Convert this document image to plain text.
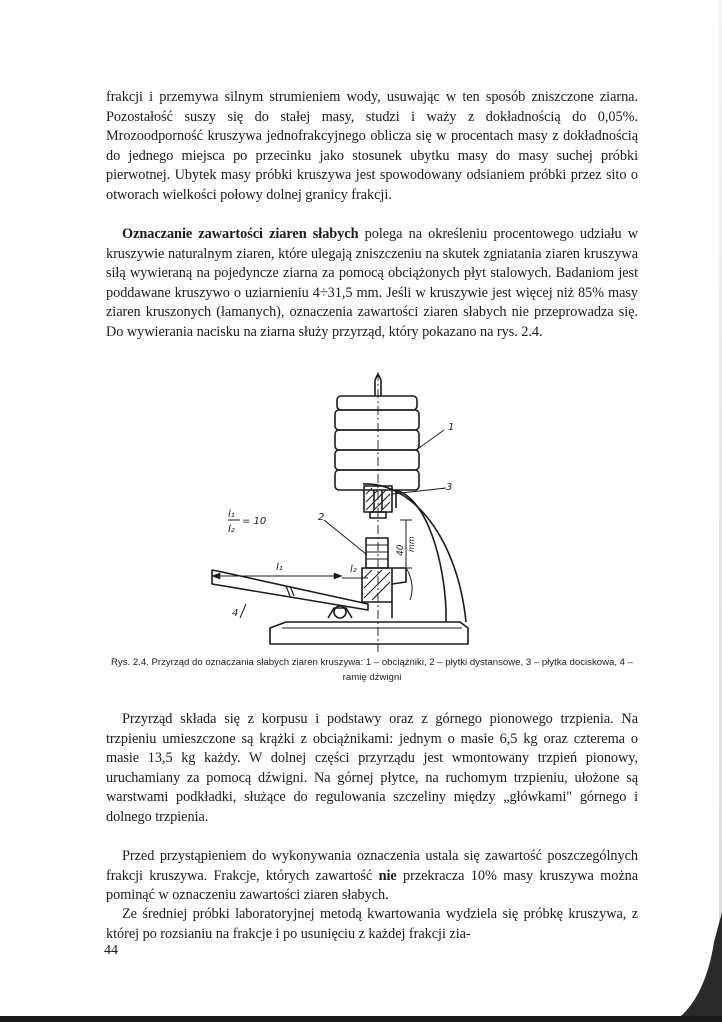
frakcji i przemywa silnym strumieniem wody, usuwając w ten sposób zniszczone ziarna. Pozostałość suszy się do stałej masy, studzi i waży z dokładnością do 0,05%. Mrozoodporność kruszywa jednofrakcyjnego oblicza się w procentach masy z dokładnością do jednego miejsca po przecinku jako stosunek ubytku masy do masy suchej próbki pierwotnej. Ubytek masy próbki kruszywa jest spowodowany odsianiem próbki przez sito o otworach wielkości połowy dolnej granicy frakcji.

Oznaczanie zawartości ziaren słabych polega na określeniu procentowego udziału w kruszywie naturalnym ziaren, które ulegają zniszczeniu na skutek zgniatania ziaren kruszywa siłą wywieraną na pojedyncze ziarna za pomocą obciążonych płyt stalowych. Badaniom jest poddawane kruszywo o uziarnieniu 4÷31,5 mm. Jeśli w kruszywie jest więcej niż 85% masy ziaren kruszonych (łamanych), oznaczenia zawartości ziaren słabych nie przeprowadza się. Do wywierania nacisku na ziarna służy przyrząd, który pokazano na rys. 2.4.

1
2
3
4
l₁	l₂
l₁
l₂
= 10
40 mm

Rys. 2.4. Przyrząd do oznaczania słabych ziaren kruszywa: 1 – obciążniki, 2 – płytki dystansowe, 3 – płytka dociskowa, 4 – ramię dźwigni

Przyrząd składa się z korpusu i podstawy oraz z górnego pionowego trzpienia. Na trzpieniu umieszczone są krążki z obciążnikami: jednym o masie 6,5 kg oraz czterema o masie 13,5 kg każdy. W dolnej części przyrządu jest wmontowany trzpień pionowy, uruchamiany za pomocą dźwigni. Na górnej płytce, na ruchomym trzpieniu, ułożone są warstwami podkładki, służące do regulowania szczeliny między „główkami" górnego i dolnego trzpienia.

Przed przystąpieniem do wykonywania oznaczenia ustala się zawartość poszczególnych frakcji kruszywa. Frakcje, których zawartość nie przekracza 10% masy kruszywa można pominąć w oznaczeniu zawartości ziaren słabych.

Ze średniej próbki laboratoryjnej metodą kwartowania wydziela się próbkę kruszywa, z której po rozsianiu na frakcje i po usunięciu z każdej frakcji zia-

44
